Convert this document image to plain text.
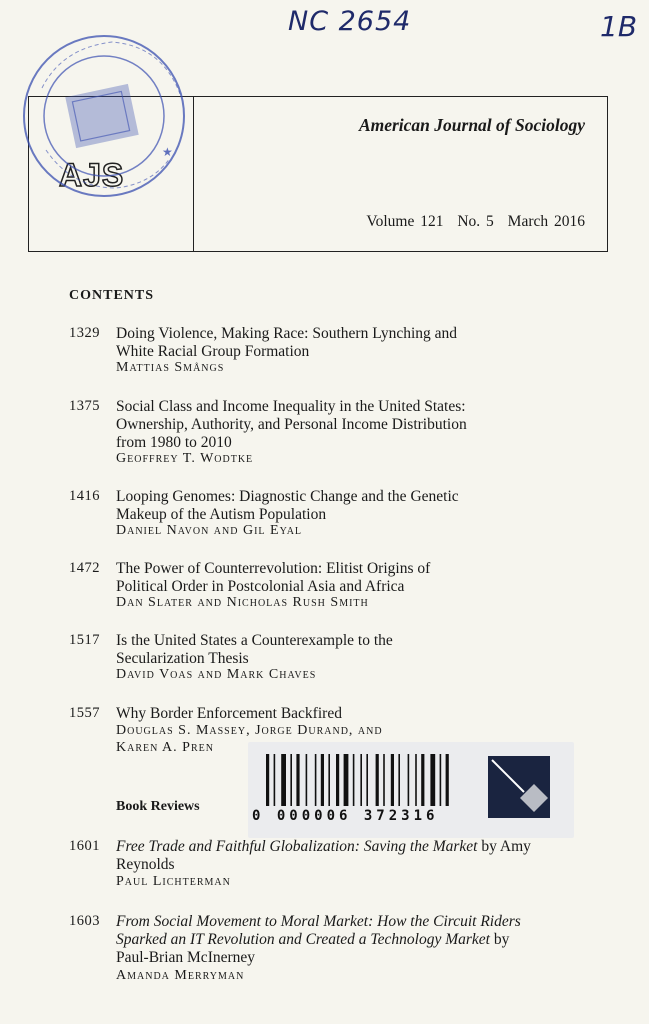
NC 2654	1B
AJS
American Journal of Sociology
Volume 121 No. 5 March 2016
★
CONTENTS
1329 Doing Violence, Making Race: Southern Lynching and
White Racial Group Formation
Mattias Smångs
1375 Social Class and Income Inequality in the United States:
Ownership, Authority, and Personal Income Distribution
from 1980 to 2010
Geoffrey T. Wodtke
1416 Looping Genomes: Diagnostic Change and the Genetic
Makeup of the Autism Population
Daniel Navon and Gil Eyal
1472 The Power of Counterrevolution: Elitist Origins of
Political Order in Postcolonial Asia and Africa
Dan Slater and Nicholas Rush Smith
1517 Is the United States a Counterexample to the
Secularization Thesis
David Voas and Mark Chaves
1557 Why Border Enforcement Backfired
Douglas S. Massey, Jorge Durand, and
Karen A. Pren
0 000006 372316
Book Reviews
1601 Free Trade and Faithful Globalization: Saving the Market by Amy
Reynolds
Paul Lichterman
1603 From Social Movement to Moral Market: How the Circuit Riders
Sparked an IT Revolution and Created a Technology Market by
Paul-Brian McInerney
Amanda Merryman
